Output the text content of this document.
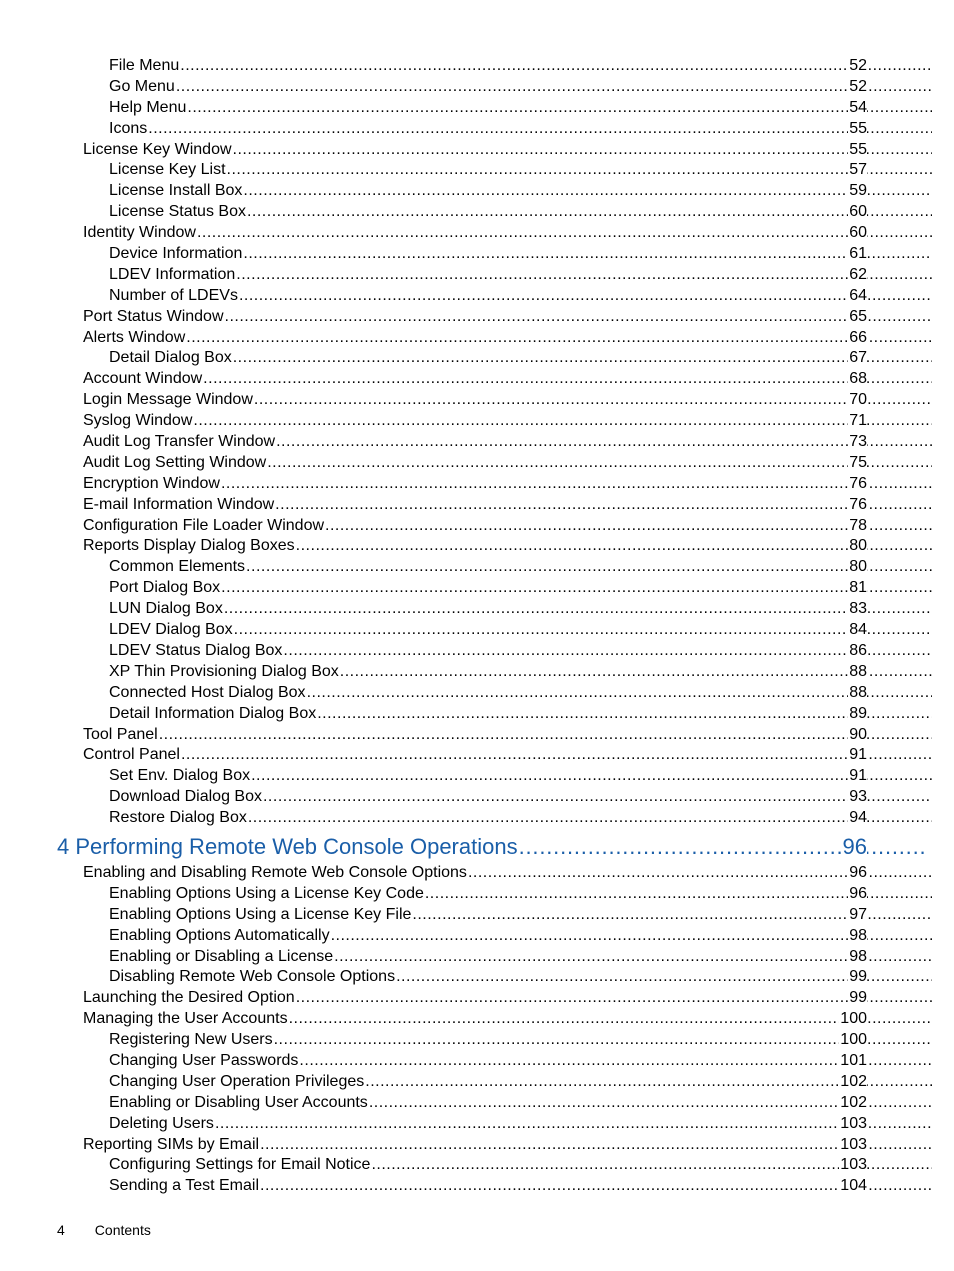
File Menu .....	52
Go Menu .....	52
Help Menu .....	54
Icons .....	55
License Key Window .....	55
License Key List .....	57
License Install Box .....	59
License Status Box .....	60
Identity Window .....	60
Device Information .....	61
LDEV Information .....	62
Number of LDEVs .....	64
Port Status Window .....	65
Alerts Window .....	66
Detail Dialog Box .....	67
Account Window .....	68
Login Message Window .....	70
Syslog Window .....	71
Audit Log Transfer Window .....	73
Audit Log Setting Window .....	75
Encryption Window .....	76
E-mail Information Window .....	76
Configuration File Loader Window .....	78
Reports Display Dialog Boxes .....	80
Common Elements .....	80
Port Dialog Box .....	81
LUN Dialog Box .....	83
LDEV Dialog Box .....	84
LDEV Status Dialog Box .....	86
XP Thin Provisioning Dialog Box .....	88
Connected Host Dialog Box .....	88
Detail Information Dialog Box .....	89
Tool Panel .....	90
Control Panel .....	91
Set Env. Dialog Box .....	91
Download Dialog Box .....	93
Restore Dialog Box .....	94
4 Performing Remote Web Console Operations .....	96
Enabling and Disabling Remote Web Console Options .....	96
Enabling Options Using a License Key Code .....	96
Enabling Options Using a License Key File .....	97
Enabling Options Automatically .....	98
Enabling or Disabling a License .....	98
Disabling Remote Web Console Options .....	99
Launching the Desired Option .....	99
Managing the User Accounts .....	100
Registering New Users .....	100
Changing User Passwords .....	101
Changing User Operation Privileges .....	102
Enabling or Disabling User Accounts .....	102
Deleting Users .....	103
Reporting SIMs by Email .....	103
Configuring Settings for Email Notice .....	103
Sending a Test Email .....	104
4 Contents
